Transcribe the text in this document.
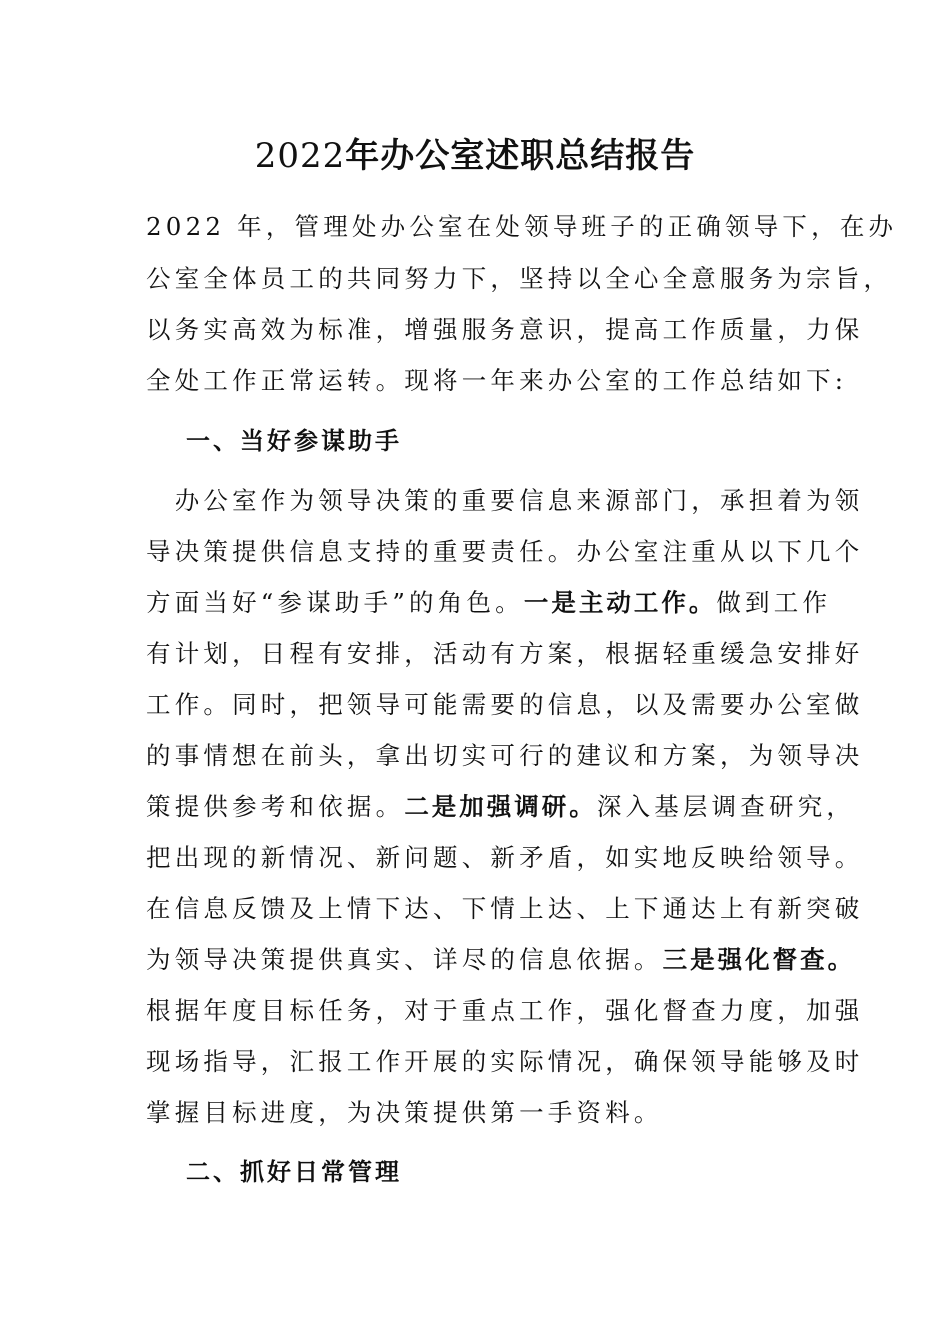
2022年办公室述职总结报告
2022 年，管理处办公室在处领导班子的正确领导下，在办
公室全体员工的共同努力下，坚持以全心全意服务为宗旨，
以务实高效为标准，增强服务意识，提高工作质量，力保
全处工作正常运转。现将一年来办公室的工作总结如下:
一、当好参谋助手
　办公室作为领导决策的重要信息来源部门，承担着为领
导决策提供信息支持的重要责任。办公室注重从以下几个
方面当好“参谋助手”的角色。一是主动工作。做到工作
有计划，日程有安排，活动有方案，根据轻重缓急安排好
工作。同时，把领导可能需要的信息，以及需要办公室做
的事情想在前头，拿出切实可行的建议和方案，为领导决
策提供参考和依据。二是加强调研。深入基层调查研究，
把出现的新情况、新问题、新矛盾，如实地反映给领导。
在信息反馈及上情下达、下情上达、上下通达上有新突破
为领导决策提供真实、详尽的信息依据。三是强化督查。
根据年度目标任务，对于重点工作，强化督查力度，加强
现场指导，汇报工作开展的实际情况，确保领导能够及时
掌握目标进度，为决策提供第一手资料。
二、抓好日常管理
